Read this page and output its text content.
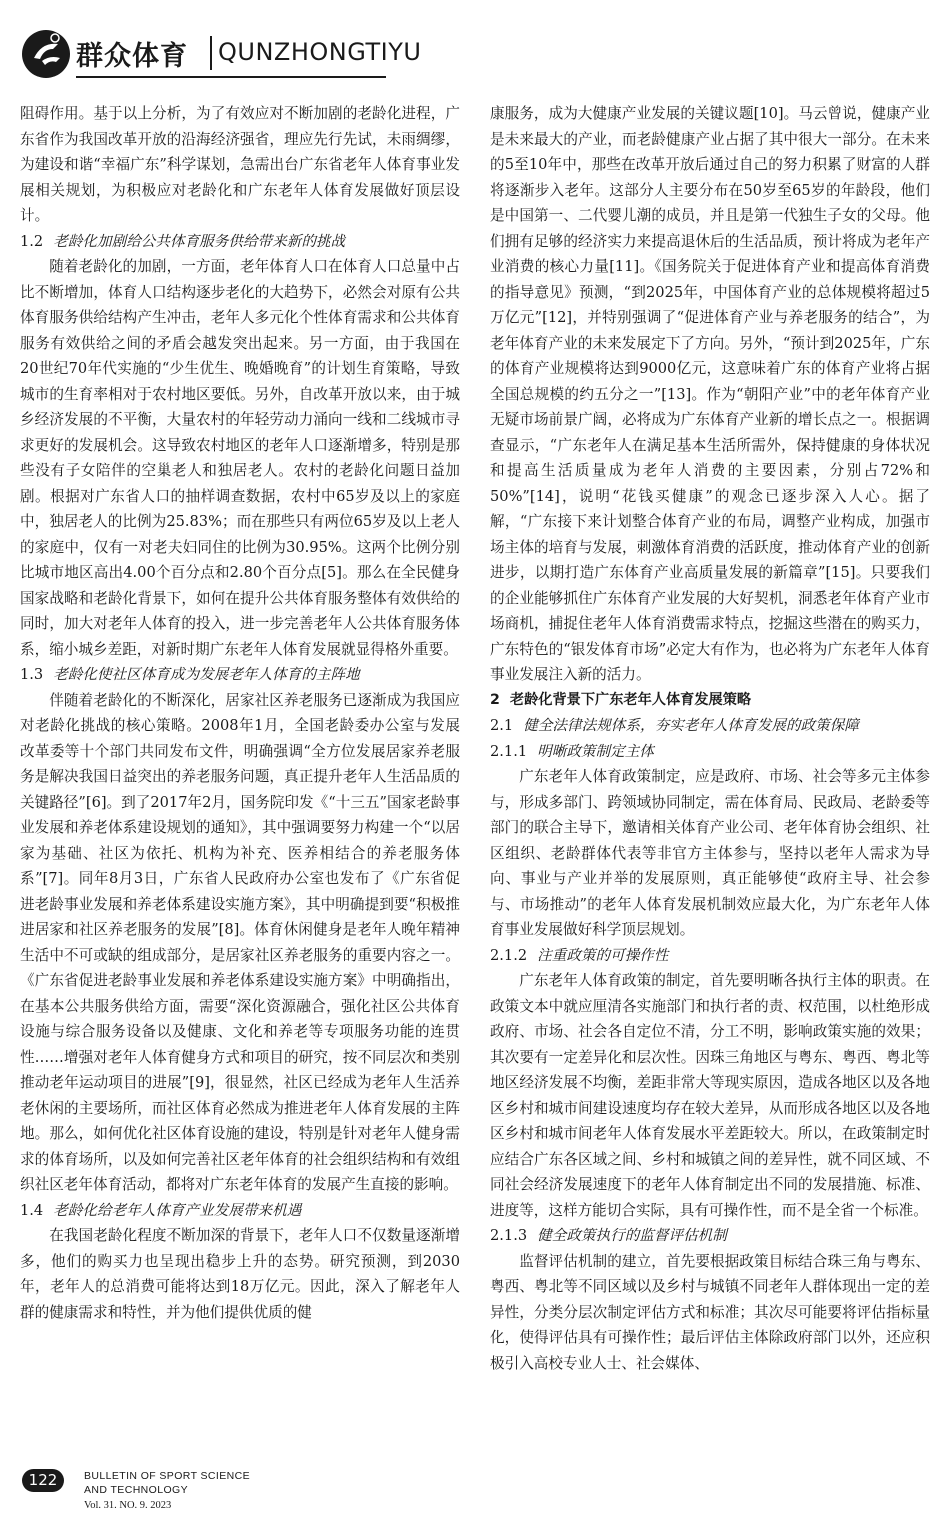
群众体育 QUNZHONGTIYU

阻碍作用。基于以上分析，为了有效应对不断加剧的老龄化进程，广东省作为我国改革开放的沿海经济强省，理应先行先试，未雨绸缪，为建设和谐“幸福广东”科学谋划，急需出台广东省老年人体育事业发展相关规划，为积极应对老龄化和广东老年人体育发展做好顶层设计。

1.2 老龄化加剧给公共体育服务供给带来新的挑战

随着老龄化的加剧，一方面，老年体育人口在体育人口总量中占比不断增加，体育人口结构逐步老化的大趋势下，必然会对原有公共体育服务供给结构产生冲击，老年人多元化个性体育需求和公共体育服务有效供给之间的矛盾会越发突出起来。另一方面，由于我国在20世纪70年代实施的“少生优生、晚婚晚育”的计划生育策略，导致城市的生育率相对于农村地区要低。另外，自改革开放以来，由于城乡经济发展的不平衡，大量农村的年轻劳动力涌向一线和二线城市寻求更好的发展机会。这导致农村地区的老年人口逐渐增多，特别是那些没有子女陪伴的空巢老人和独居老人。农村的老龄化问题日益加剧。根据对广东省人口的抽样调查数据，农村中65岁及以上的家庭中，独居老人的比例为25.83%；而在那些只有两位65岁及以上老人的家庭中，仅有一对老夫妇同住的比例为30.95%。这两个比例分别比城市地区高出4.00个百分点和2.80个百分点[5]。那么在全民健身国家战略和老龄化背景下，如何在提升公共体育服务整体有效供给的同时，加大对老年人体育的投入，进一步完善老年人公共体育服务体系，缩小城乡差距，对新时期广东老年人体育发展就显得格外重要。

1.3 老龄化使社区体育成为发展老年人体育的主阵地

伴随着老龄化的不断深化，居家社区养老服务已逐渐成为我国应对老龄化挑战的核心策略。2008年1月，全国老龄委办公室与发展改革委等十个部门共同发布文件，明确强调“全方位发展居家养老服务是解决我国日益突出的养老服务问题，真正提升老年人生活品质的关键路径”[6]。到了2017年2月，国务院印发《“十三五”国家老龄事业发展和养老体系建设规划的通知》，其中强调要努力构建一个“以居家为基础、社区为依托、机构为补充、医养相结合的养老服务体系”[7]。同年8月3日，广东省人民政府办公室也发布了《广东省促进老龄事业发展和养老体系建设实施方案》，其中明确提到要“积极推进居家和社区养老服务的发展”[8]。体育休闲健身是老年人晚年精神生活中不可或缺的组成部分，是居家社区养老服务的重要内容之一。《广东省促进老龄事业发展和养老体系建设实施方案》中明确指出，在基本公共服务供给方面，需要“深化资源融合，强化社区公共体育设施与综合服务设备以及健康、文化和养老等专项服务功能的连贯性……增强对老年人体育健身方式和项目的研究，按不同层次和类别推动老年运动项目的进展”[9]，很显然，社区已经成为老年人生活养老休闲的主要场所，而社区体育必然成为推进老年人体育发展的主阵地。那么，如何优化社区体育设施的建设，特别是针对老年人健身需求的体育场所，以及如何完善社区老年体育的社会组织结构和有效组织社区老年体育活动，都将对广东老年体育的发展产生直接的影响。

1.4 老龄化给老年人体育产业发展带来机遇

在我国老龄化程度不断加深的背景下，老年人口不仅数量逐渐增多，他们的购买力也呈现出稳步上升的态势。研究预测，到2030年，老年人的总消费可能将达到18万亿元。因此，深入了解老年人群的健康需求和特性，并为他们提供优质的健

康服务，成为大健康产业发展的关键议题[10]。马云曾说，健康产业是未来最大的产业，而老龄健康产业占据了其中很大一部分。在未来的5至10年中，那些在改革开放后通过自己的努力积累了财富的人群将逐渐步入老年。这部分人主要分布在50岁至65岁的年龄段，他们是中国第一、二代婴儿潮的成员，并且是第一代独生子女的父母。他们拥有足够的经济实力来提高退休后的生活品质，预计将成为老年产业消费的核心力量[11]。《国务院关于促进体育产业和提高体育消费的指导意见》预测，“到2025年，中国体育产业的总体规模将超过5万亿元”[12]，并特别强调了“促进体育产业与养老服务的结合”，为老年体育产业的未来发展定下了方向。另外，“预计到2025年，广东的体育产业规模将达到9000亿元，这意味着广东的体育产业将占据全国总规模的约五分之一”[13]。作为“朝阳产业”中的老年体育产业无疑市场前景广阔，必将成为广东体育产业新的增长点之一。根据调查显示，“广东老年人在满足基本生活所需外，保持健康的身体状况和提高生活质量成为老年人消费的主要因素，分别占72%和50%”[14]，说明“花钱买健康”的观念已逐步深入人心。据了解，“广东接下来计划整合体育产业的布局，调整产业构成，加强市场主体的培育与发展，刺激体育消费的活跃度，推动体育产业的创新进步，以期打造广东体育产业高质量发展的新篇章”[15]。只要我们的企业能够抓住广东体育产业发展的大好契机，洞悉老年体育产业市场商机，捕捉住老年人体育消费需求特点，挖掘这些潜在的购买力，广东特色的“银发体育市场”必定大有作为，也必将为广东老年人体育事业发展注入新的活力。

2 老龄化背景下广东老年人体育发展策略
2.1 健全法律法规体系，夯实老年人体育发展的政策保障
2.1.1 明晰政策制定主体

广东老年人体育政策制定，应是政府、市场、社会等多元主体参与，形成多部门、跨领域协同制定，需在体育局、民政局、老龄委等部门的联合主导下，邀请相关体育产业公司、老年体育协会组织、社区组织、老龄群体代表等非官方主体参与，坚持以老年人需求为导向、事业与产业并举的发展原则，真正能够使“政府主导、社会参与、市场推动”的老年人体育发展机制效应最大化，为广东老年人体育事业发展做好科学顶层规划。

2.1.2 注重政策的可操作性

广东老年人体育政策的制定，首先要明晰各执行主体的职责。在政策文本中就应厘清各实施部门和执行者的责、权范围，以杜绝形成政府、市场、社会各自定位不清，分工不明，影响政策实施的效果；其次要有一定差异化和层次性。因珠三角地区与粤东、粤西、粤北等地区经济发展不均衡，差距非常大等现实原因，造成各地区以及各地区乡村和城市间建设速度均存在较大差异，从而形成各地区以及各地区乡村和城市间老年人体育发展水平差距较大。所以，在政策制定时应结合广东各区域之间、乡村和城镇之间的差异性，就不同区域、不同社会经济发展速度下的老年人体育制定出不同的发展措施、标准、进度等，这样方能切合实际，具有可操作性，而不是全省一个标准。

2.1.3 健全政策执行的监督评估机制

监督评估机制的建立，首先要根据政策目标结合珠三角与粤东、粤西、粤北等不同区域以及乡村与城镇不同老年人群体现出一定的差异性，分类分层次制定评估方式和标准；其次尽可能要将评估指标量化，使得评估具有可操作性；最后评估主体除政府部门以外，还应积极引入高校专业人士、社会媒体、

122	BULLETIN OF SPORT SCIENCE
AND TECHNOLOGY
Vol. 31. NO. 9. 2023
